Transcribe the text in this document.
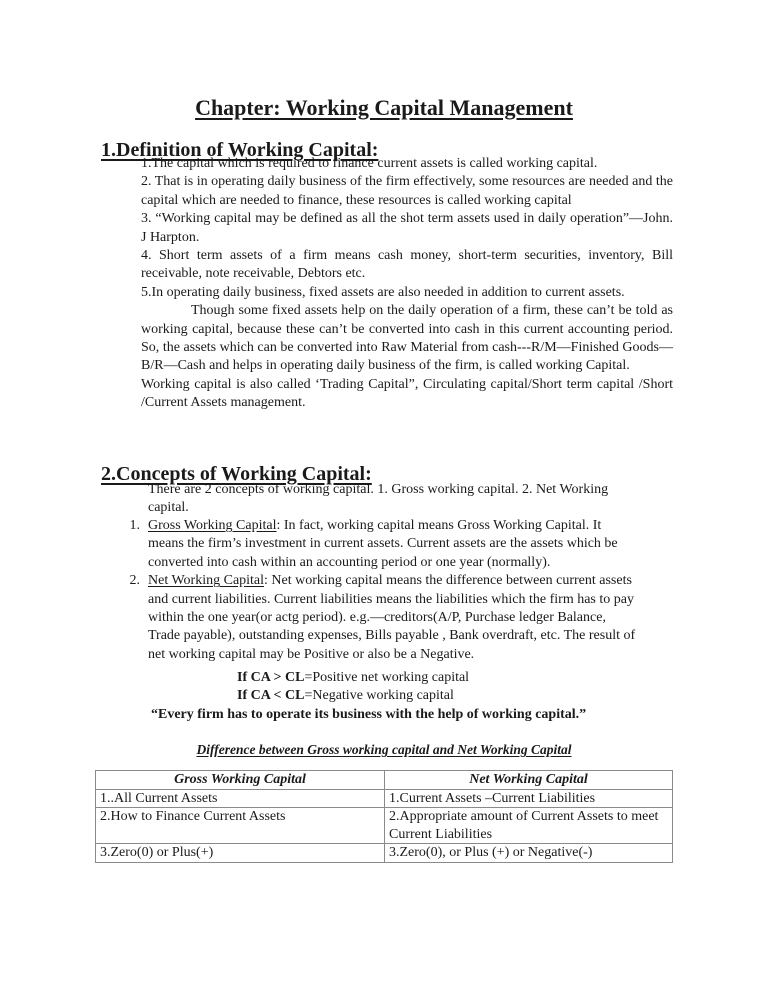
Chapter: Working Capital Management
1.Definition of Working Capital:

1.The capital which is required to finance current assets is called working capital.

2. That is in operating daily business of the firm effectively, some resources are needed and the capital which are needed to finance, these resources is called working capital

3. “Working capital may be defined as all the shot term assets used in daily operation”—John. J Harpton.

4. Short term assets of a firm means cash money, short-term securities, inventory, Bill receivable, note receivable, Debtors etc.

5.In operating daily business, fixed assets are also needed in addition to current assets.

Though some fixed assets help on the daily operation of a firm, these can’t be told as working capital, because these can’t be converted into cash in this current accounting period. So, the assets which can be converted into Raw Material from cash---R/M—Finished Goods—B/R—Cash and helps in operating daily business of the firm, is called working Capital.

Working capital is also called ‘Trading Capital”, Circulating capital/Short term capital /Short /Current Assets management.

2.Concepts of Working Capital:
There are 2 concepts of working capital. 1. Gross working capital. 2. Net Working capital.
1. Gross Working Capital: In fact, working capital means Gross Working Capital. It means the firm’s investment in current assets. Current assets are the assets which be converted into cash within an accounting period or one year (normally).
2. Net Working Capital: Net working capital means the difference between current assets and current liabilities. Current liabilities means the liabilities which the firm has to pay within the one year(or actg period). e.g.—creditors(A/P, Purchase ledger Balance, Trade payable), outstanding expenses, Bills payable , Bank overdraft, etc. The result of net working capital may be Positive or also be a Negative.
If CA > CL=Positive net working capital
If CA < CL=Negative working capital
“Every firm has to operate its business with the help of working capital.”
Difference between Gross working capital and Net Working Capital
Gross Working Capital	Net Working Capital
1..All Current Assets	1.Current Assets –Current Liabilities
2.How to Finance Current Assets	2.Appropriate amount of Current Assets to meet Current Liabilities
3.Zero(0) or Plus(+)	3.Zero(0), or Plus (+) or Negative(-)
